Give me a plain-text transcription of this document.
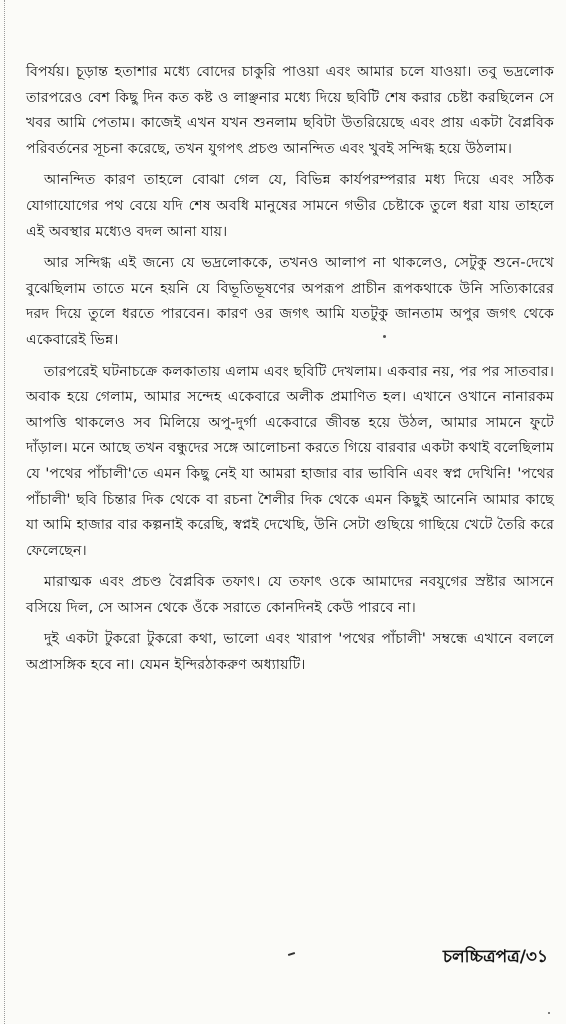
বিপর্যয়। চূড়ান্ত হতাশার মধ্যে বোদের চাকুরি পাওয়া এবং আমার চলে যাওয়া। তবু ভদ্রলোক তারপরেও বেশ কিছু দিন কত কষ্ট ও লাঞ্ছনার মধ্যে দিয়ে ছবিটি শেষ করার চেষ্টা করছিলেন সে খবর আমি পেতাম। কাজেই এখন যখন শুনলাম ছবিটা উতরিয়েছে এবং প্রায় একটা বৈপ্লবিক পরিবর্তনের সূচনা করেছে, তখন যুগপৎ প্রচণ্ড আনন্দিত এবং খুবই সন্দিগ্ধ হয়ে উঠলাম।

আনন্দিত কারণ তাহলে বোঝা গেল যে, বিভিন্ন কার্যপরম্পরার মধ্য দিয়ে এবং সঠিক যোগাযোগের পথ বেয়ে যদি শেষ অবধি মানুষের সামনে গভীর চেষ্টাকে তুলে ধরা যায় তাহলে এই অবস্থার মধ্যেও বদল আনা যায়।

আর সন্দিগ্ধ এই জন্যে যে ভদ্রলোককে, তখনও আলাপ না থাকলেও, সেটুকু শুনে-দেখে বুঝেছিলাম তাতে মনে হয়নি যে বিভূতিভূষণের অপরূপ প্রাচীন রূপকথাকে উনি সত্যিকারের দরদ দিয়ে তুলে ধরতে পারবেন। কারণ ওর জগৎ আমি যতটুকু জানতাম অপুর জগৎ থেকে একেবারেই ভিন্ন।

তারপরেই ঘটনাচক্রে কলকাতায় এলাম এবং ছবিটি দেখলাম। একবার নয়, পর পর সাতবার। অবাক হয়ে গেলাম, আমার সন্দেহ একেবারে অলীক প্রমাণিত হল। এখানে ওখানে নানারকম আপত্তি থাকলেও সব মিলিয়ে অপু-দুর্গা একেবারে জীবন্ত হয়ে উঠল, আমার সামনে ফুটে দাঁড়াল। মনে আছে তখন বন্ধুদের সঙ্গে আলোচনা করতে গিয়ে বারবার একটা কথাই বলেছিলাম যে 'পথের পাঁচালী'তে এমন কিছু নেই যা আমরা হাজার বার ভাবিনি এবং স্বপ্ন দেখিনি! 'পথের পাঁচালী' ছবি চিন্তার দিক থেকে বা রচনা শৈলীর দিক থেকে এমন কিছুই আনেনি আমার কাছে যা আমি হাজার বার কল্পনাই করেছি, স্বপ্নই দেখেছি, উনি সেটা গুছিয়ে গাছিয়ে খেটে তৈরি করে ফেলেছেন।

মারাত্মক এবং প্রচণ্ড বৈপ্লবিক তফাৎ। যে তফাৎ ওকে আমাদের নবযুগের স্রষ্টার আসনে বসিয়ে দিল, সে আসন থেকে ওঁকে সরাতে কোনদিনই কেউ পারবে না।

দুই একটা টুকরো টুকরো কথা, ভালো এবং খারাপ 'পথের পাঁচালী' সম্বন্ধে এখানে বললে অপ্রাসঙ্গিক হবে না। যেমন ইন্দিরঠাকরুণ অধ্যায়টি।

চলচ্চিত্রপত্র/৩১
